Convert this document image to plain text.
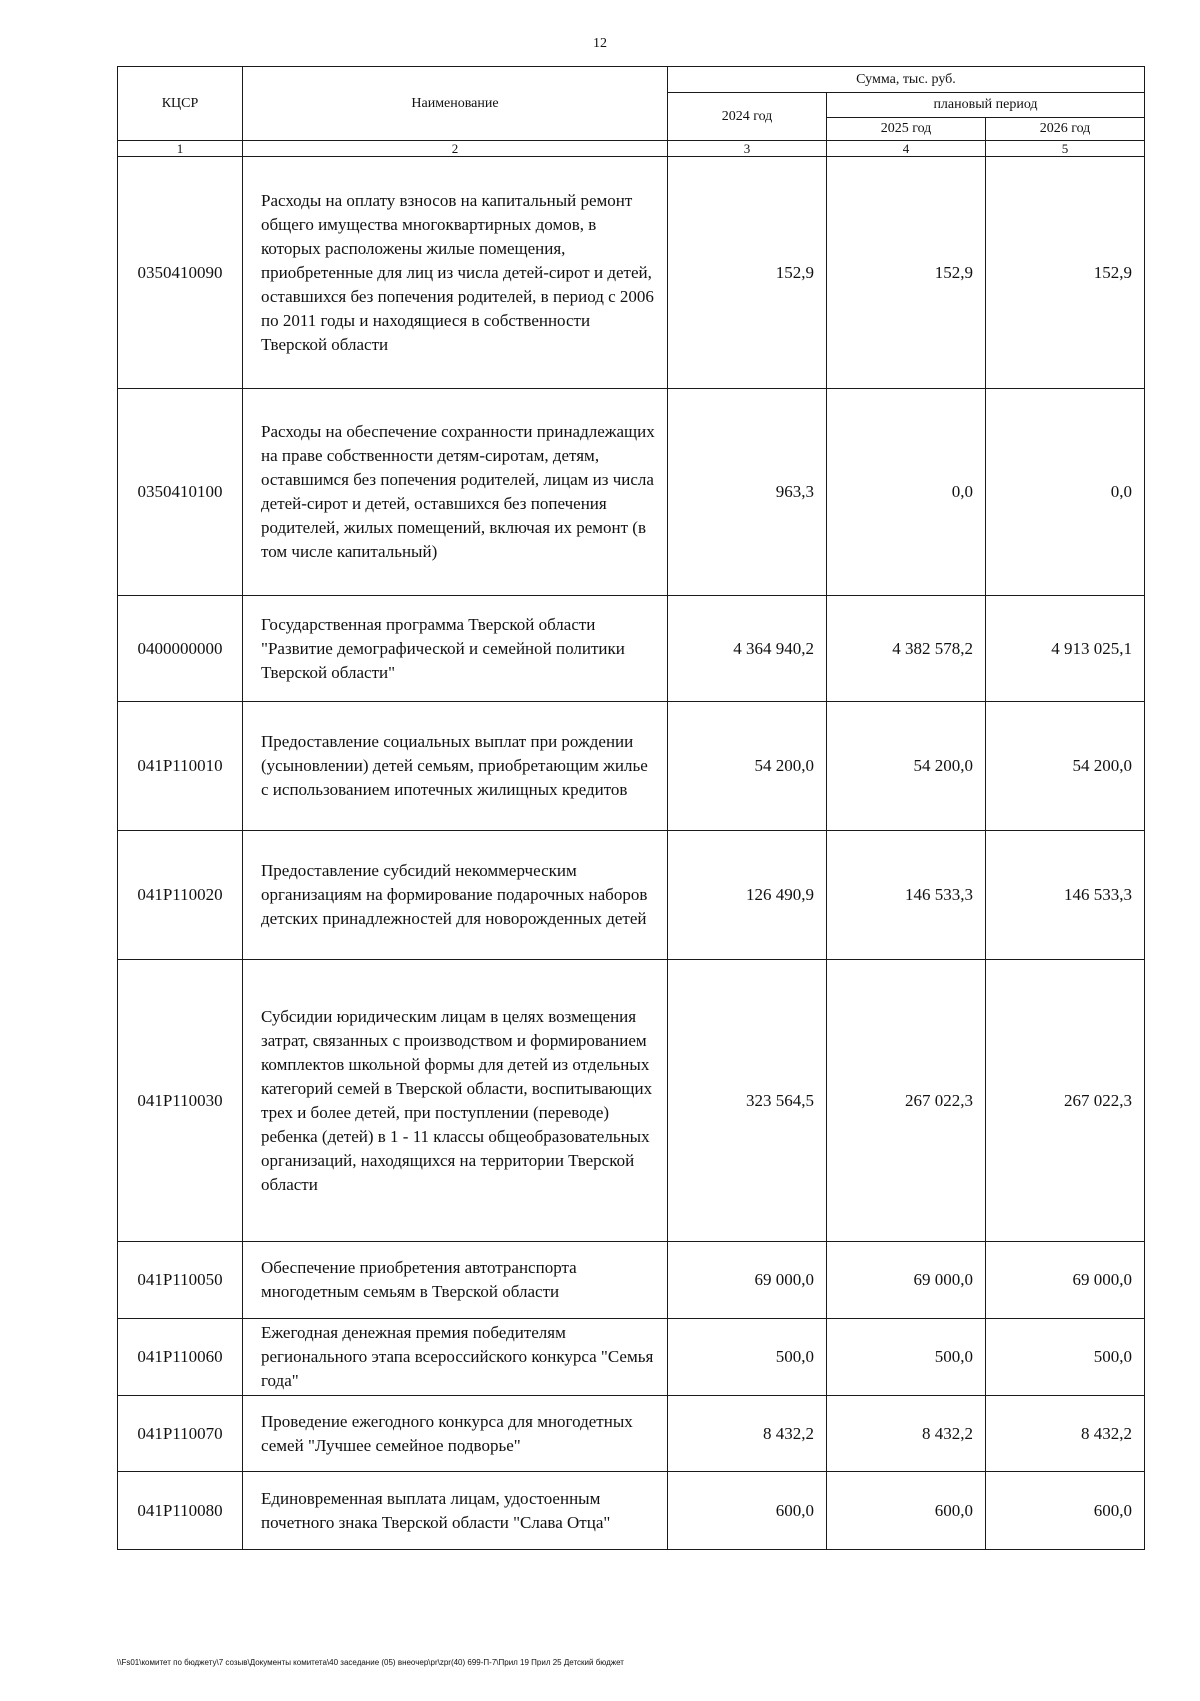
12
КЦСР	Наименование	Сумма, тыс. руб.		
		2024 год	плановый период	
			2025 год	2026 год
1	2	3	4	5
0350410090	Расходы на оплату взносов на капитальный ремонт общего имущества многоквартирных домов, в которых расположены жилые помещения, приобретенные для лиц из числа детей-сирот и детей, оставшихся без попечения родителей, в период с 2006 по 2011 годы и находящиеся в собственности Тверской области	152,9	152,9	152,9
0350410100	Расходы на обеспечение сохранности принадлежащих на праве собственности детям-сиротам, детям, оставшимся без попечения родителей, лицам из числа детей-сирот и детей, оставшихся без попечения родителей, жилых помещений, включая их ремонт (в том числе капитальный)	963,3	0,0	0,0
0400000000	Государственная программа Тверской области "Развитие демографической и семейной политики Тверской области"	4 364 940,2	4 382 578,2	4 913 025,1
041P110010	Предоставление социальных выплат при рождении (усыновлении) детей семьям, приобретающим жилье с использованием ипотечных жилищных кредитов	54 200,0	54 200,0	54 200,0
041P110020	Предоставление субсидий некоммерческим организациям на формирование подарочных наборов детских принадлежностей для новорожденных детей	126 490,9	146 533,3	146 533,3
041P110030	Субсидии юридическим лицам в целях возмещения затрат, связанных с производством и формированием комплектов школьной формы для детей из отдельных категорий семей в Тверской области, воспитывающих трех и более детей, при поступлении (переводе) ребенка (детей) в 1 - 11 классы общеобразовательных организаций, находящихся на территории Тверской области	323 564,5	267 022,3	267 022,3
041P110050	Обеспечение приобретения автотранспорта многодетным семьям в Тверской области	69 000,0	69 000,0	69 000,0
041P110060	Ежегодная денежная премия победителям регионального этапа всероссийского конкурса "Семья года"	500,0	500,0	500,0
041P110070	Проведение ежегодного конкурса для многодетных семей "Лучшее семейное подворье"	8 432,2	8 432,2	8 432,2
041P110080	Единовременная выплата лицам, удостоенным почетного знака Тверской области "Слава Отца"	600,0	600,0	600,0
\\Fs01\комитет по бюджету\7 созыв\Документы комитета\40 заседание (05) внеочер\pr\zpr(40) 699-П-7\Прил 19 Прил 25 Детский бюджет
